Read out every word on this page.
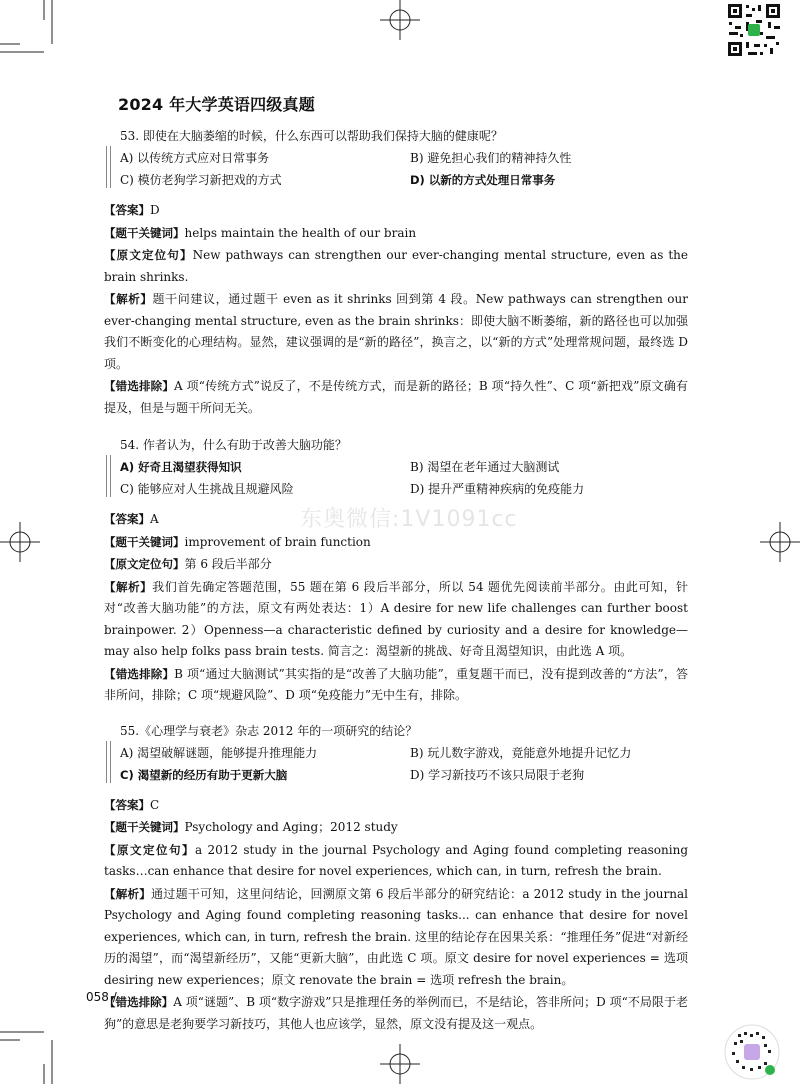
2024 年大学英语四级真题
东奥微信:1V1091cc
53. 即使在大脑萎缩的时候，什么东西可以帮助我们保持大脑的健康呢？
A) 以传统方式应对日常事务	B) 避免担心我们的精神持久性
C) 模仿老狗学习新把戏的方式	D) 以新的方式处理日常事务
【答案】D
【题干关键词】helps maintain the health of our brain
【原文定位句】New pathways can strengthen our ever-changing mental structure, even as the brain shrinks.
【解析】题干问建议，通过题干 even as it shrinks 回到第 4 段。New pathways can strengthen our ever-changing mental structure, even as the brain shrinks：即使大脑不断萎缩，新的路径也可以加强我们不断变化的心理结构。显然，建议强调的是“新的路径”，换言之，以“新的方式”处理常规问题，最终选 D 项。
【错选排除】A 项“传统方式”说反了，不是传统方式，而是新的路径；B 项“持久性”、C 项“新把戏”原文确有提及，但是与题干所问无关。
54. 作者认为，什么有助于改善大脑功能？
A) 好奇且渴望获得知识	B) 渴望在老年通过大脑测试
C) 能够应对人生挑战且规避风险	D) 提升严重精神疾病的免疫能力
【答案】A
【题干关键词】improvement of brain function
【原文定位句】第 6 段后半部分
【解析】我们首先确定答题范围，55 题在第 6 段后半部分，所以 54 题优先阅读前半部分。由此可知，针对“改善大脑功能”的方法，原文有两处表达：1）A desire for new life challenges can further boost brainpower. 2）Openness—a characteristic defined by curiosity and a desire for knowledge—may also help folks pass brain tests. 简言之：渴望新的挑战、好奇且渴望知识，由此选 A 项。
【错选排除】B 项“通过大脑测试”其实指的是“改善了大脑功能”，重复题干而已，没有提到改善的“方法”，答非所问，排除；C 项“规避风险”、D 项“免疫能力”无中生有，排除。
55.《心理学与衰老》杂志 2012 年的一项研究的结论？
A) 渴望破解谜题，能够提升推理能力	B) 玩儿数字游戏，竟能意外地提升记忆力
C) 渴望新的经历有助于更新大脑	D) 学习新技巧不该只局限于老狗
【答案】C
【题干关键词】Psychology and Aging；2012 study
【原文定位句】a 2012 study in the journal Psychology and Aging found completing reasoning tasks…can enhance that desire for novel experiences, which can, in turn, refresh the brain.
【解析】通过题干可知，这里问结论，回溯原文第 6 段后半部分的研究结论：a 2012 study in the journal Psychology and Aging found completing reasoning tasks... can enhance that desire for novel experiences, which can, in turn, refresh the brain. 这里的结论存在因果关系：“推理任务”促进“对新经历的渴望”，而“渴望新经历”，又能“更新大脑”，由此选 C 项。原文 desire for novel experiences = 选项 desiring new experiences；原文 renovate the brain = 选项 refresh the brain。
【错选排除】A 项“谜题”、B 项“数字游戏”只是推理任务的举例而已，不是结论，答非所问；D 项“不局限于老狗”的意思是老狗要学习新技巧，其他人也应该学，显然，原文没有提及这一观点。
058 /
